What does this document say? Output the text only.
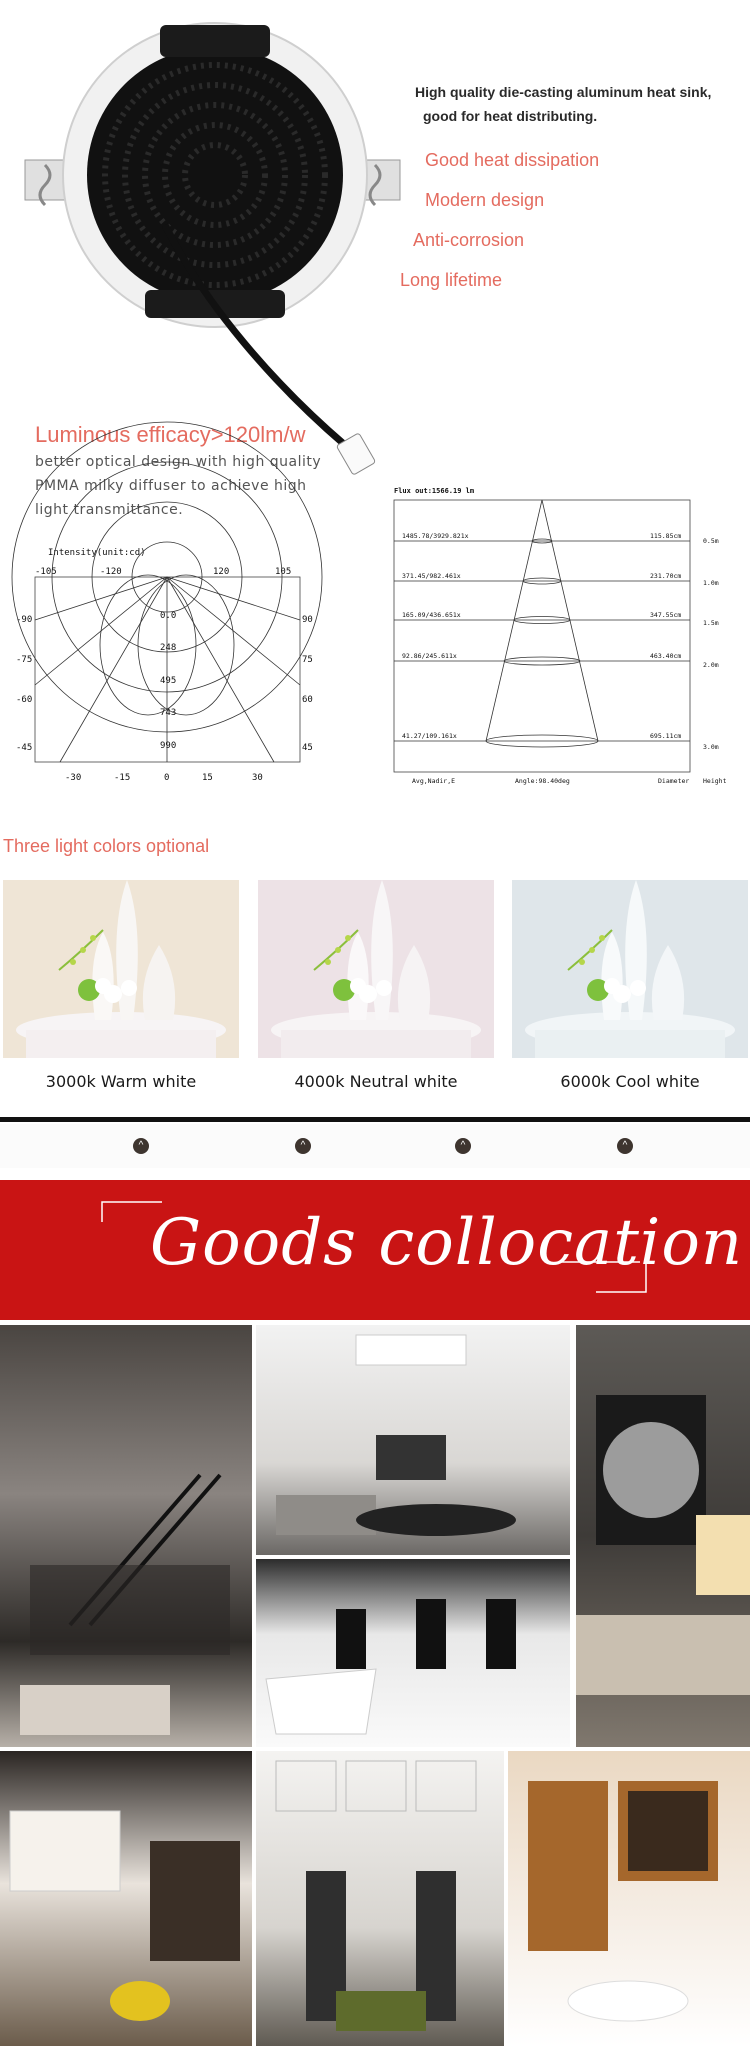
High quality die-casting aluminum heat sink,
good for heat distributing.
Good heat dissipation
Modern design
Anti-corrosion
Long lifetime
Luminous efficacy>120lm/w
better optical design with high quality
PMMA milky diffuser to achieve high
light transmittance.
Intensity(unit:cd)
-105	-120	120	105
-90
-75
-60
-45
90
75
60
45
0.0
248
495
743
990
-30	-15	0	15	30
Flux out:1566.19 lm
1485.78/3929.821x
371.45/982.461x
165.09/436.651x
92.86/245.611x
41.27/109.161x
115.85cm
231.70cm
347.55cm
463.40cm
695.11cm
0.5m
1.0m
1.5m
2.0m
3.0m
Avg,Nadir,E	Angle:98.40deg	Diameter Height
Three light colors optional
3000k Warm white	4000k Neutral white	6000k Cool white
^	^	^	^
Goods collocation
